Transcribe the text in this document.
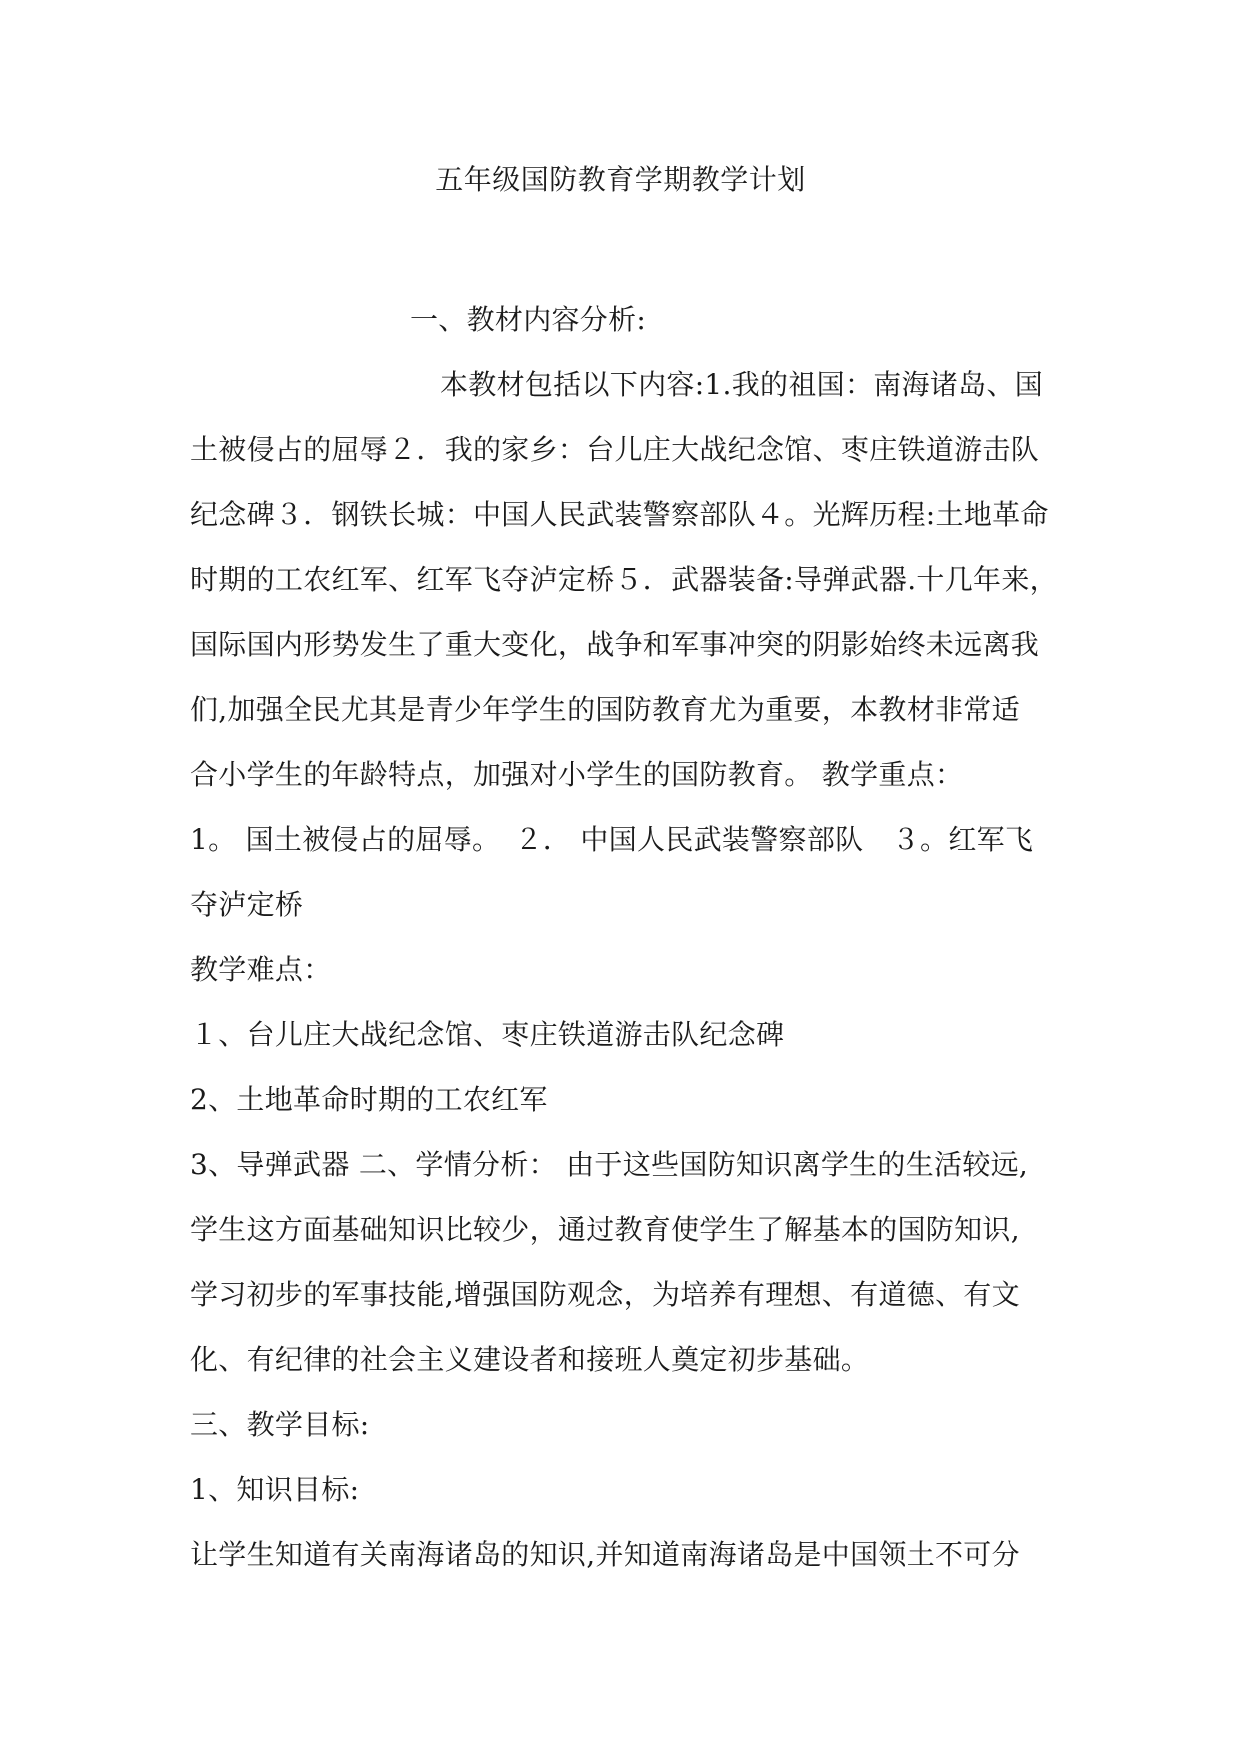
五年级国防教育学期教学计划
一、教材内容分析:
本教材包括以下内容:1.我的祖国：南海诸岛、国
土被侵占的屈辱２．我的家乡：台儿庄大战纪念馆、枣庄铁道游击队
纪念碑３．钢铁长城：中国人民武装警察部队４。光辉历程:土地革命
时期的工农红军、红军飞夺泸定桥５．武器装备:导弹武器.十几年来，
国际国内形势发生了重大变化，战争和军事冲突的阴影始终未远离我
们,加强全民尤其是青少年学生的国防教育尤为重要，本教材非常适
合小学生的年龄特点，加强对小学生的国防教育。 教学重点：
1。 国土被侵占的屈辱。　２． 中国人民武装警察部队　３。红军飞
夺泸定桥
教学难点：
１、台儿庄大战纪念馆、枣庄铁道游击队纪念碑
2、土地革命时期的工农红军
3、导弹武器 二、学情分析： 由于这些国防知识离学生的生活较远,
学生这方面基础知识比较少，通过教育使学生了解基本的国防知识,
学习初步的军事技能,增强国防观念，为培养有理想、有道德、有文
化、有纪律的社会主义建设者和接班人奠定初步基础。
三、教学目标:
1、知识目标:
让学生知道有关南海诸岛的知识,并知道南海诸岛是中国领土不可分
